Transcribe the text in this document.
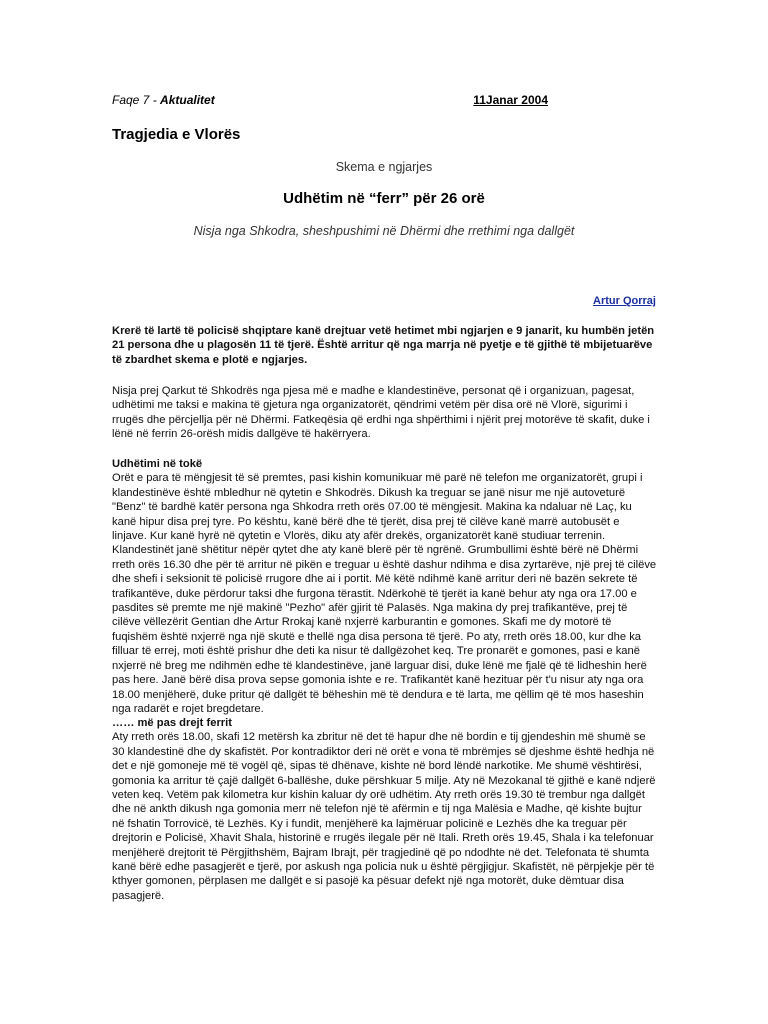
Faqe 7 - Aktualitet	11Janar 2004
Tragjedia e Vlorës
Skema e ngjarjes
Udhëtim në “ferr” për 26 orë
Nisja nga Shkodra, sheshpushimi në Dhërmi dhe rrethimi nga dallgët
Artur Qorraj

Krerë të lartë të policisë shqiptare kanë drejtuar vetë hetimet mbi ngjarjen e 9 janarit, ku humbën jetën 21 persona dhe u plagosën 11 të tjerë. Është arritur që nga marrja në pyetje e të gjithë të mbijetuarëve të zbardhet skema e plotë e ngjarjes.

Nisja prej Qarkut të Shkodrës nga pjesa më e madhe e klandestinëve, personat që i organizuan, pagesat, udhëtimi me taksi e makina të gjetura nga organizatorët, qëndrimi vetëm për disa orë në Vlorë, sigurimi i rrugës dhe përcjellja për në Dhërmi. Fatkeqësia që erdhi nga shpërthimi i njërit prej motorëve të skafit, duke i lënë në ferrin 26-orësh midis dallgëve të hakërryera.

Udhëtimi në tokë

Orët e para të mëngjesit të së premtes, pasi kishin komunikuar më parë në telefon me organizatorët, grupi i klandestinëve është mbledhur në qytetin e Shkodrës. Dikush ka treguar se janë nisur me një autoveturë "Benz" të bardhë katër persona nga Shkodra rreth orës 07.00 të mëngjesit. Makina ka ndaluar në Laç, ku kanë hipur disa prej tyre. Po kështu, kanë bërë dhe të tjerët, disa prej të cilëve kanë marrë autobusët e linjave. Kur kanë hyrë në qytetin e Vlorës, diku aty afër drekës, organizatorët kanë studiuar terrenin. Klandestinët janë shëtitur nëpër qytet dhe aty kanë blerë për të ngrënë. Grumbullimi është bërë në Dhërmi rreth orës 16.30 dhe për të arritur në pikën e treguar u është dashur ndihma e disa zyrtarëve, një prej të cilëve dhe shefi i seksionit të policisë rrugore dhe ai i portit. Më këtë ndihmë kanë arritur deri në bazën sekrete të trafikantëve, duke përdorur taksi dhe furgona tërastit. Ndërkohë të tjerët ia kanë behur aty nga ora 17.00 e pasdites së premte me një makinë "Pezho" afër gjirit të Palasës. Nga makina dy prej trafikantëve, prej të cilëve vëllezërit Gentian dhe Artur Rrokaj kanë nxjerrë karburantin e gomones. Skafi me dy motorë të fuqishëm është nxjerrë nga një skutë e thellë nga disa persona të tjerë. Po aty, rreth orës 18.00, kur dhe ka filluar të errej, moti është prishur dhe deti ka nisur të dallgëzohet keq. Tre pronarët e gomones, pasi e kanë nxjerrë në breg me ndihmën edhe të klandestinëve, janë larguar disi, duke lënë me fjalë që të lidheshin herë pas here. Janë bërë disa prova sepse gomonia ishte e re. Trafikantët kanë hezituar për t'u nisur aty nga ora 18.00 menjëherë, duke pritur që dallgët të bëheshin më të dendura e të larta, me qëllim që të mos haseshin nga radarët e rojet bregdetare.

…… më pas drejt ferrit

Aty rreth orës 18.00, skafi 12 metërsh ka zbritur në det të hapur dhe në bordin e tij gjendeshin më shumë se 30 klandestinë dhe dy skafistët. Por kontradiktor deri në orët e vona të mbrëmjes së djeshme është hedhja në det e një gomoneje më të vogël që, sipas të dhënave, kishte në bord lëndë narkotike. Me shumë vështirësi, gomonia ka arritur të çajë dallgët 6-ballëshe, duke përshkuar 5 milje. Aty në Mezokanal të gjithë e kanë ndjerë veten keq. Vetëm pak kilometra kur kishin kaluar dy orë udhëtim. Aty rreth orës 19.30 të trembur nga dallgët dhe në ankth dikush nga gomonia merr në telefon një të afërmin e tij nga Malësia e Madhe, që kishte bujtur në fshatin Torrovicë, të Lezhës. Ky i fundit, menjëherë ka lajmëruar policinë e Lezhës dhe ka treguar për drejtorin e Policisë, Xhavit Shala, historinë e rrugës ilegale për në Itali. Rreth orës 19.45, Shala i ka telefonuar menjëherë drejtorit të Përgjithshëm, Bajram Ibrajt, për tragjedinë që po ndodhte në det. Telefonata të shumta kanë bërë edhe pasagjerët e tjerë, por askush nga policia nuk u është përgjigjur. Skafistët, në përpjekje për të kthyer gomonen, përplasen me dallgët e si pasojë ka pësuar defekt një nga motorët, duke dëmtuar disa pasagjerë.
